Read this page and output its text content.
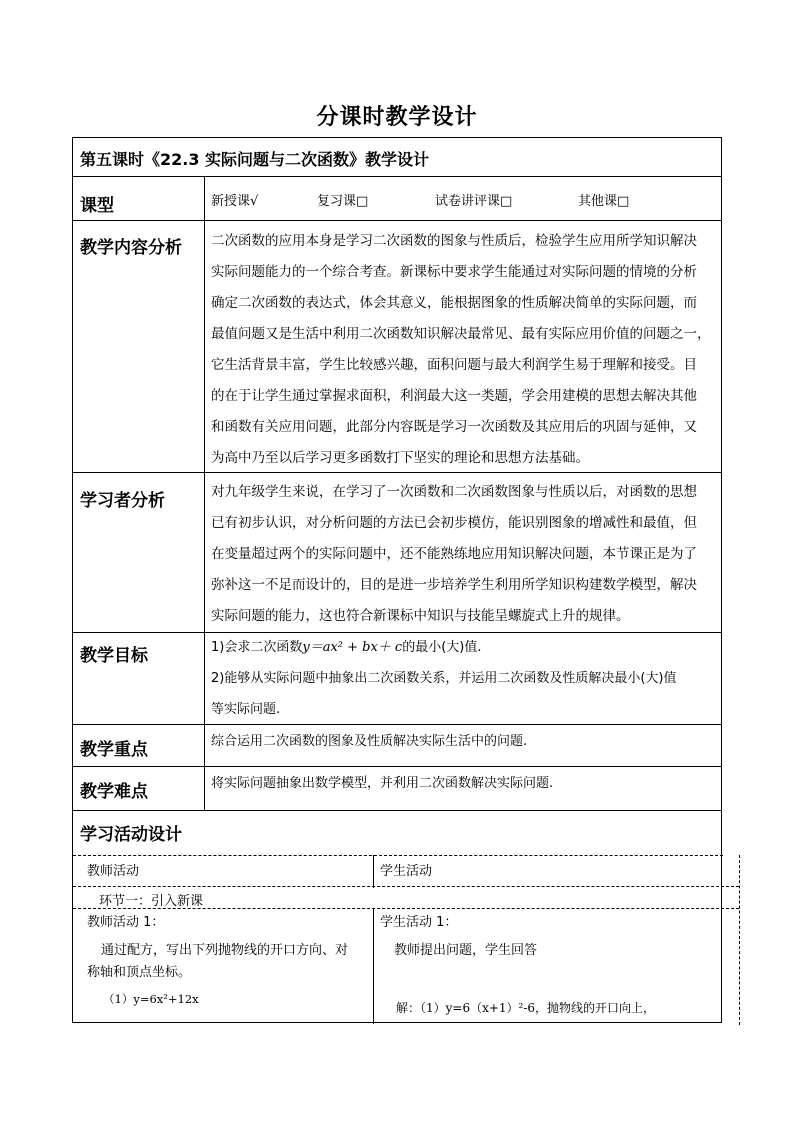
分课时教学设计
第五课时《22.3 实际问题与二次函数》教学设计
课型	新授课√	复习课□	试卷讲评课□	其他课□
教学内容分析 二次函数的应用本身是学习二次函数的图象与性质后，检验学生应用所学知识解决
实际问题能力的一个综合考查。新课标中要求学生能通过对实际问题的情境的分析
确定二次函数的表达式，体会其意义，能根据图象的性质解决简单的实际问题，而
最值问题又是生活中利用二次函数知识解决最常见、最有实际应用价值的问题之一，
它生活背景丰富，学生比较感兴趣，面积问题与最大利润学生易于理解和接受。目
的在于让学生通过掌握求面积，利润最大这一类题，学会用建模的思想去解决其他
和函数有关应用问题，此部分内容既是学习一次函数及其应用后的巩固与延伸，又
为高中乃至以后学习更多函数打下坚实的理论和思想方法基础。
学习者分析	对九年级学生来说，在学习了一次函数和二次函数图象与性质以后，对函数的思想
已有初步认识，对分析问题的方法已会初步模仿，能识别图象的增减性和最值，但
在变量超过两个的实际问题中，还不能熟练地应用知识解决问题，本节课正是为了
弥补这一不足而设计的，目的是进一步培养学生利用所学知识构建数学模型，解决
实际问题的能力，这也符合新课标中知识与技能呈螺旋式上升的规律。
教学目标	1)会求二次函数y＝ax² + bx＋ c的最小(大)值.
2)能够从实际问题中抽象出二次函数关系，并运用二次函数及性质解决最小(大)值
等实际问题.
教学重点	综合运用二次函数的图象及性质解决实际生活中的问题.
教学难点	将实际问题抽象出数学模型，并利用二次函数解决实际问题.
学习活动设计
教师活动	学生活动
环节一：引入新课
教师活动 1：
通过配方，写出下列抛物线的开口方向、对
称轴和顶点坐标。
（1）y=6x²+12x
学生活动 1：
教师提出问题，学生回答
解：（1）y=6（x+1）²-6，抛物线的开口向上，
